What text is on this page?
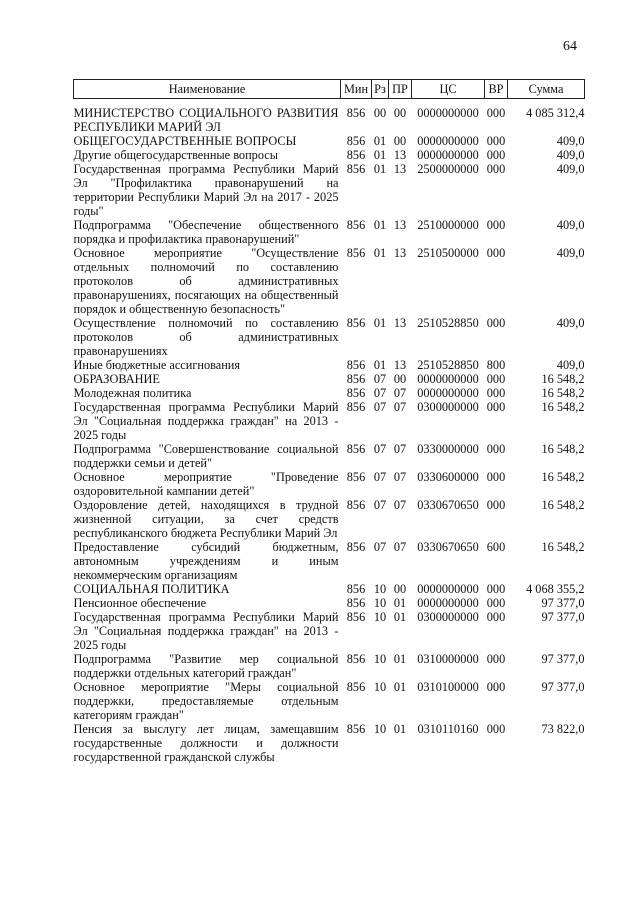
64
Наименование	Мин	Рз	ПР	ЦС	ВР	Сумма
МИНИСТЕРСТВО СОЦИАЛЬНОГО РАЗВИТИЯ РЕСПУБЛИКИ МАРИЙ ЭЛ	856	00	00	0000000000	000	4 085 312,4
ОБЩЕГОСУДАРСТВЕННЫЕ ВОПРОСЫ	856	01	00	0000000000	000	409,0
Другие общегосударственные вопросы	856	01	13	0000000000	000	409,0
Государственная программа Республики Марий Эл "Профилактика правонарушений на территории Республики Марий Эл на 2017 - 2025 годы"	856	01	13	2500000000	000	409,0
Подпрограмма "Обеспечение общественного порядка и профилактика правонарушений"	856	01	13	2510000000	000	409,0
Основное мероприятие "Осуществление отдельных полномочий по составлению протоколов об административных правонарушениях, посягающих на общественный порядок и общественную безопасность"	856	01	13	2510500000	000	409,0
Осуществление полномочий по составлению протоколов об административных правонарушениях	856	01	13	2510528850	000	409,0
Иные бюджетные ассигнования	856	01	13	2510528850	800	409,0
ОБРАЗОВАНИЕ	856	07	00	0000000000	000	16 548,2
Молодежная политика	856	07	07	0000000000	000	16 548,2
Государственная программа Республики Марий Эл "Социальная поддержка граждан" на 2013 - 2025 годы	856	07	07	0300000000	000	16 548,2
Подпрограмма "Совершенствование социальной поддержки семьи и детей"	856	07	07	0330000000	000	16 548,2
Основное мероприятие "Проведение оздоровительной кампании детей"	856	07	07	0330600000	000	16 548,2
Оздоровление детей, находящихся в трудной жизненной ситуации, за счет средств республиканского бюджета Республики Марий Эл	856	07	07	0330670650	000	16 548,2
Предоставление субсидий бюджетным, автономным учреждениям и иным некоммерческим организациям	856	07	07	0330670650	600	16 548,2
СОЦИАЛЬНАЯ ПОЛИТИКА	856	10	00	0000000000	000	4 068 355,2
Пенсионное обеспечение	856	10	01	0000000000	000	97 377,0
Государственная программа Республики Марий Эл "Социальная поддержка граждан" на 2013 - 2025 годы	856	10	01	0300000000	000	97 377,0
Подпрограмма "Развитие мер социальной поддержки отдельных категорий граждан"	856	10	01	0310000000	000	97 377,0
Основное мероприятие "Меры социальной поддержки, предоставляемые отдельным категориям граждан"	856	10	01	0310100000	000	97 377,0
Пенсия за выслугу лет лицам, замещавшим государственные должности и должности государственной гражданской службы	856	10	01	0310110160	000	73 822,0
